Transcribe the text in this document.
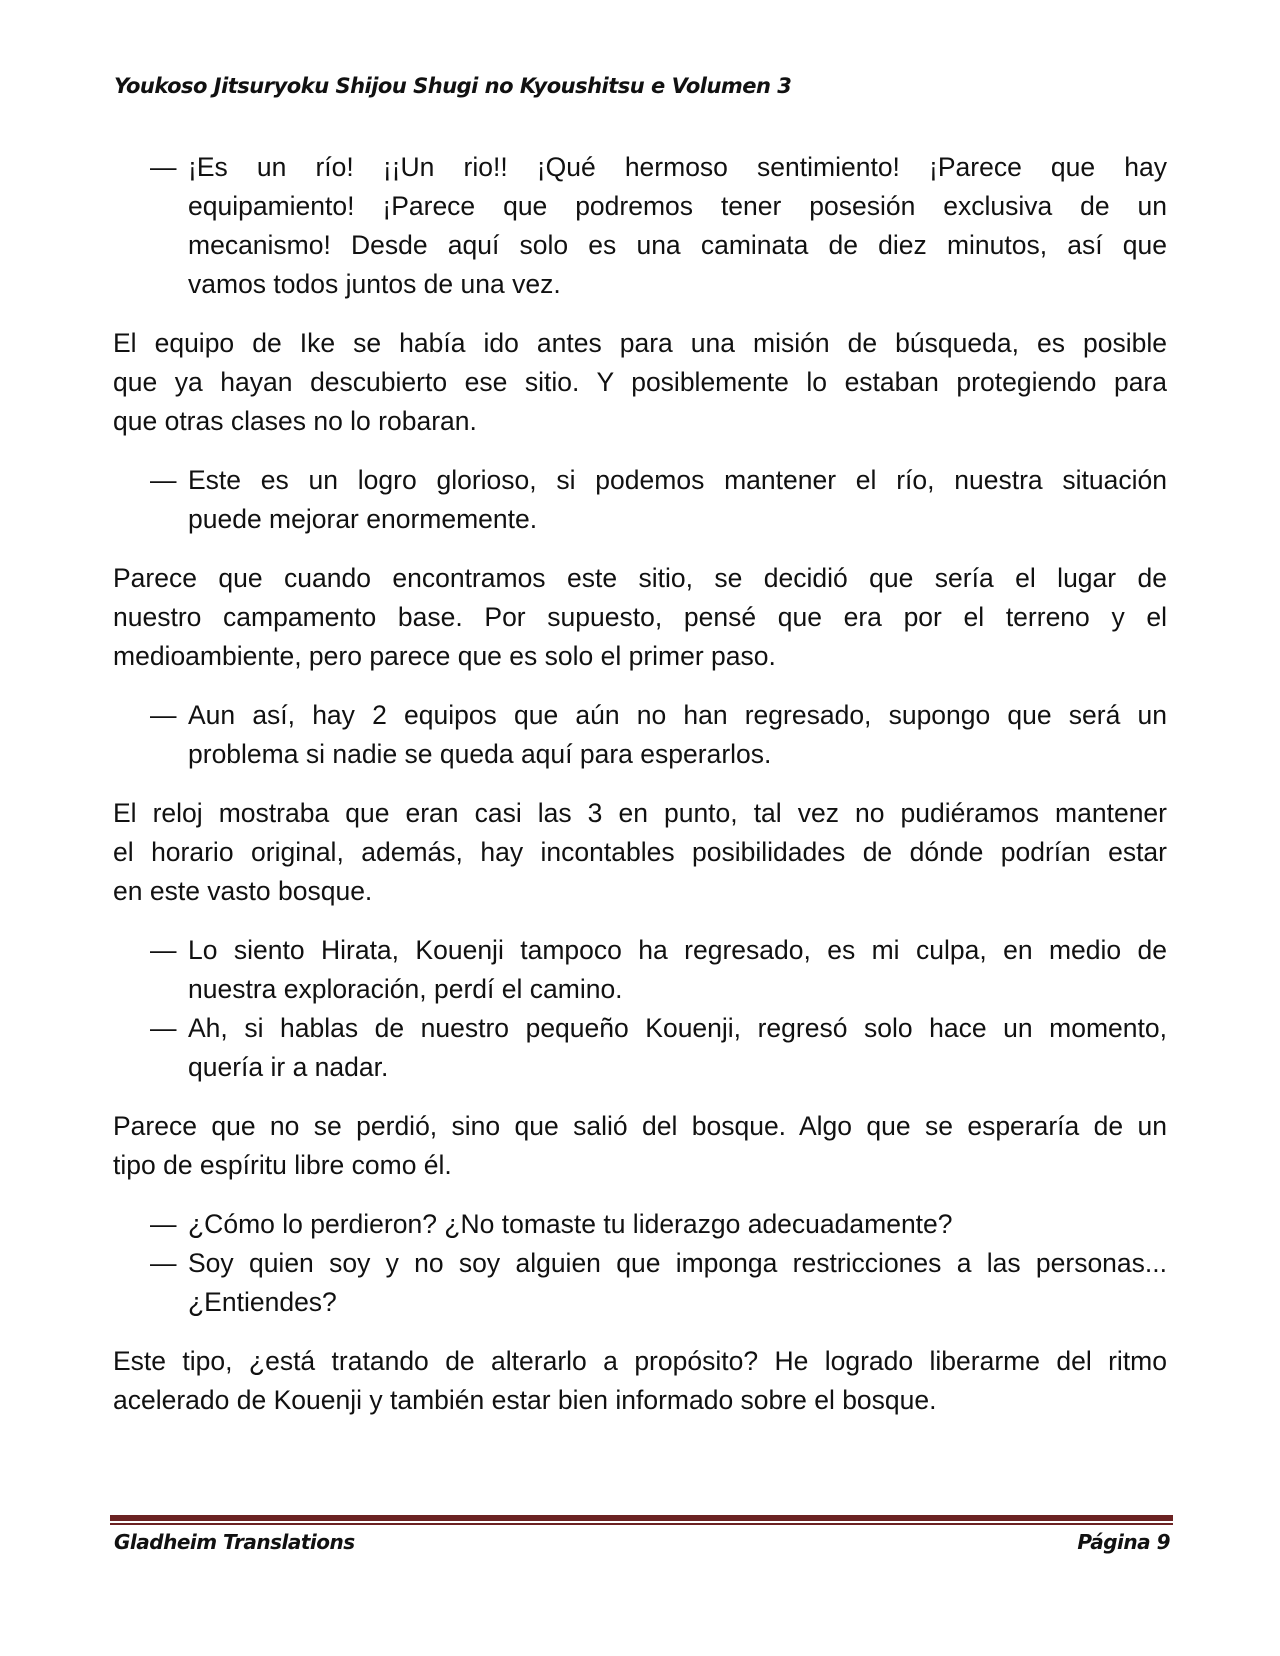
Youkoso Jitsuryoku Shijou Shugi no Kyoushitsu e Volumen 3
— ¡Es un río! ¡¡Un rio!! ¡Qué hermoso sentimiento! ¡Parece que hay
equipamiento! ¡Parece que podremos tener posesión exclusiva de un
mecanismo! Desde aquí solo es una caminata de diez minutos, así que
vamos todos juntos de una vez.
El equipo de Ike se había ido antes para una misión de búsqueda, es posible
que ya hayan descubierto ese sitio. Y posiblemente lo estaban protegiendo para
que otras clases no lo robaran.
— Este es un logro glorioso, si podemos mantener el río, nuestra situación
puede mejorar enormemente.
Parece que cuando encontramos este sitio, se decidió que sería el lugar de
nuestro campamento base. Por supuesto, pensé que era por el terreno y el
medioambiente, pero parece que es solo el primer paso.
— Aun así, hay 2 equipos que aún no han regresado, supongo que será un
problema si nadie se queda aquí para esperarlos.
El reloj mostraba que eran casi las 3 en punto, tal vez no pudiéramos mantener
el horario original, además, hay incontables posibilidades de dónde podrían estar
en este vasto bosque.
— Lo siento Hirata, Kouenji tampoco ha regresado, es mi culpa, en medio de
nuestra exploración, perdí el camino.
— Ah, si hablas de nuestro pequeño Kouenji, regresó solo hace un momento,
quería ir a nadar.
Parece que no se perdió, sino que salió del bosque. Algo que se esperaría de un
tipo de espíritu libre como él.
— ¿Cómo lo perdieron? ¿No tomaste tu liderazgo adecuadamente?
— Soy quien soy y no soy alguien que imponga restricciones a las personas...
¿Entiendes?
Este tipo, ¿está tratando de alterarlo a propósito? He logrado liberarme del ritmo
acelerado de Kouenji y también estar bien informado sobre el bosque.
Gladheim Translations	Página 9
